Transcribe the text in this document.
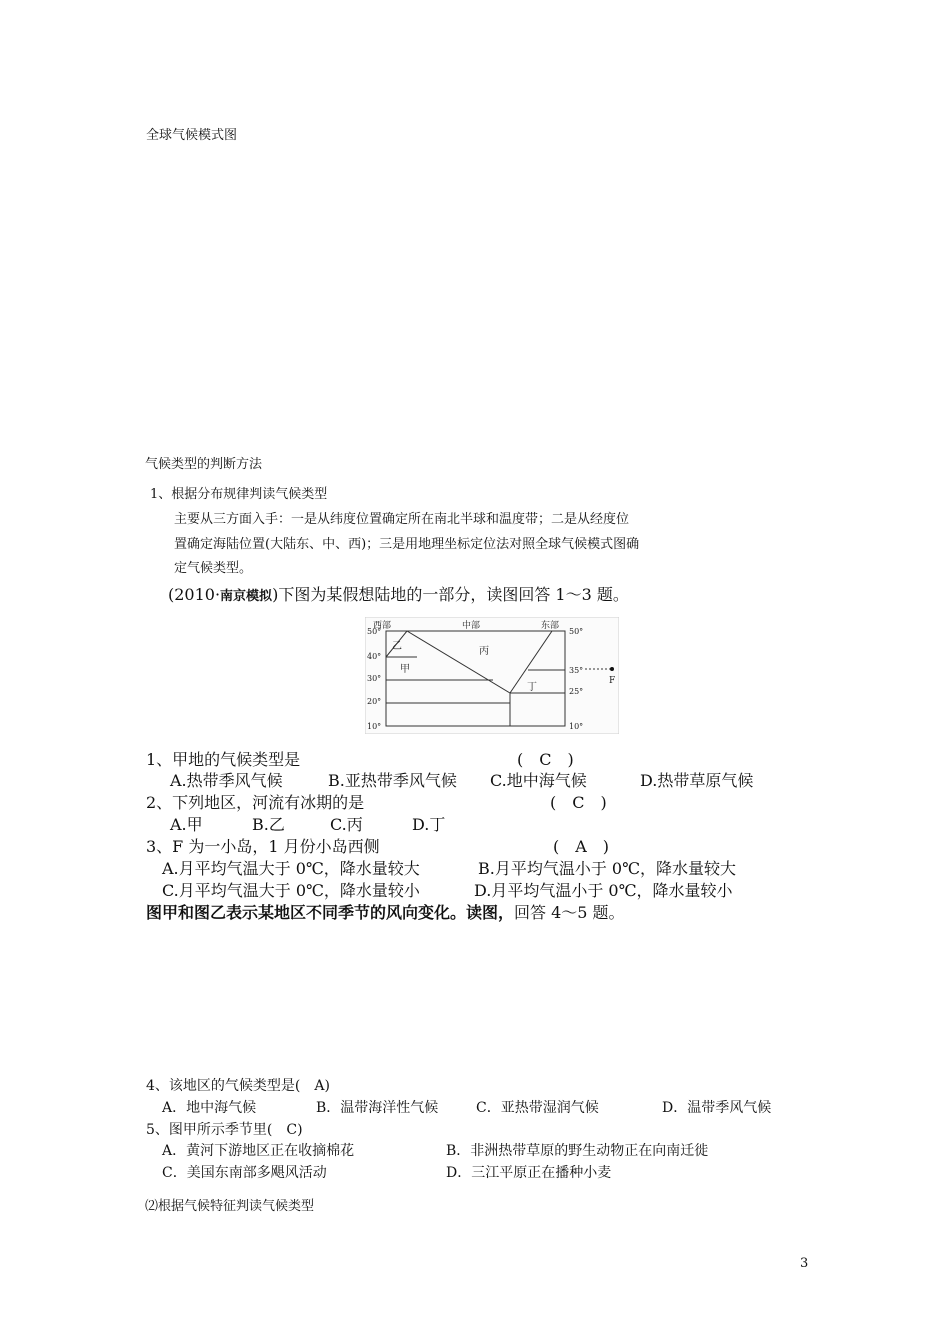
全球气候模式图
气候类型的判断方法
1、根据分布规律判读气候类型
主要从三方面入手：一是从纬度位置确定所在南北半球和温度带；二是从经度位
置确定海陆位置(大陆东、中、西)；三是用地理坐标定位法对照全球气候模式图确
定气候类型。
(2010·南京模拟)下图为某假想陆地的一部分，读图回答 1～3 题。
西部	中部	东部
50°
40°
30°
20°
10°
50°
35°
25°
10°
乙
甲
丙
丁
F
1、甲地的气候类型是	(　C　)
A.热带季风气候	B.亚热带季风气候 C.地中海气候	D.热带草原气候
2、下列地区，河流有冰期的是	(　C　)
A.甲	B.乙	C.丙	D.丁
3、F 为一小岛，1 月份小岛西侧	(　A　)
A.月平均气温大于 0℃，降水量较大	B.月平均气温小于 0℃，降水量较大
C.月平均气温大于 0℃，降水量较小	D.月平均气温小于 0℃，降水量较小
图甲和图乙表示某地区不同季节的风向变化。读图，回答 4～5 题。
4、该地区的气候类型是(　A)
A．地中海气候	B．温带海洋性气候	C．亚热带湿润气候	D．温带季风气候
5、图甲所示季节里(　C)
A．黄河下游地区正在收摘棉花	B．非洲热带草原的野生动物正在向南迁徙
C．美国东南部多飓风活动	D．三江平原正在播种小麦
⑵根据气候特征判读气候类型
3
